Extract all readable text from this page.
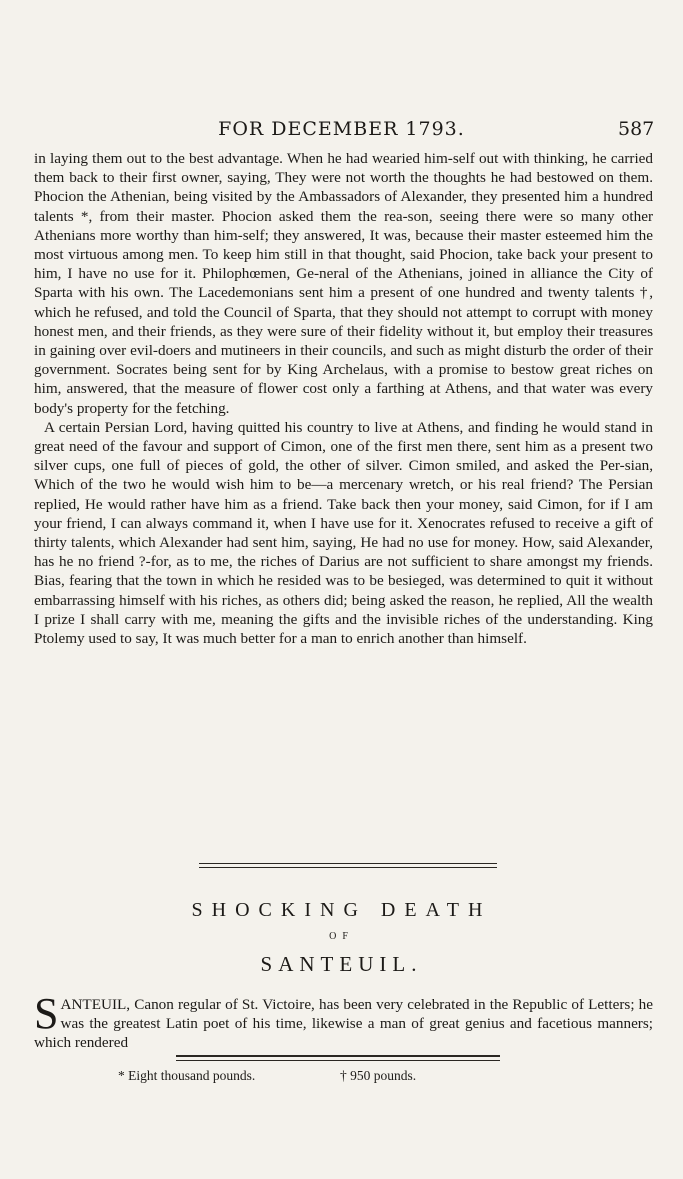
FOR DECEMBER 1793.	587

in laying them out to the best advantage. When he had wearied him-self out with thinking, he carried them back to their first owner, saying, They were not worth the thoughts he had bestowed on them. Phocion the Athenian, being visited by the Ambassadors of Alexander, they presented him a hundred talents *, from their master. Phocion asked them the rea-son, seeing there were so many other Athenians more worthy than him-self; they answered, It was, because their master esteemed him the most virtuous among men. To keep him still in that thought, said Phocion, take back your present to him, I have no use for it. Philophœmen, Ge-neral of the Athenians, joined in alliance the City of Sparta with his own. The Lacedemonians sent him a present of one hundred and twenty talents †, which he refused, and told the Council of Sparta, that they should not attempt to corrupt with money honest men, and their friends, as they were sure of their fidelity without it, but employ their treasures in gaining over evil-doers and mutineers in their councils, and such as might disturb the order of their government. Socrates being sent for by King Archelaus, with a promise to bestow great riches on him, answered, that the measure of flower cost only a farthing at Athens, and that water was every body's property for the fetching.

A certain Persian Lord, having quitted his country to live at Athens, and finding he would stand in great need of the favour and support of Cimon, one of the first men there, sent him as a present two silver cups, one full of pieces of gold, the other of silver. Cimon smiled, and asked the Per-sian, Which of the two he would wish him to be—a mercenary wretch, or his real friend? The Persian replied, He would rather have him as a friend. Take back then your money, said Cimon, for if I am your friend, I can always command it, when I have use for it. Xenocrates refused to receive a gift of thirty talents, which Alexander had sent him, saying, He had no use for money. How, said Alexander, has he no friend ?-for, as to me, the riches of Darius are not sufficient to share amongst my friends. Bias, fearing that the town in which he resided was to be besieged, was determined to quit it without embarrassing himself with his riches, as others did; being asked the reason, he replied, All the wealth I prize I shall carry with me, meaning the gifts and the invisible riches of the understanding. King Ptolemy used to say, It was much better for a man to enrich another than himself.

SHOCKING DEATH
OF
SANTEUIL.

SANTEUIL, Canon regular of St. Victoire, has been very celebrated in the Republic of Letters; he was the greatest Latin poet of his time, likewise a man of great genius and facetious manners; which rendered

* Eight thousand pounds.	† 950 pounds.
